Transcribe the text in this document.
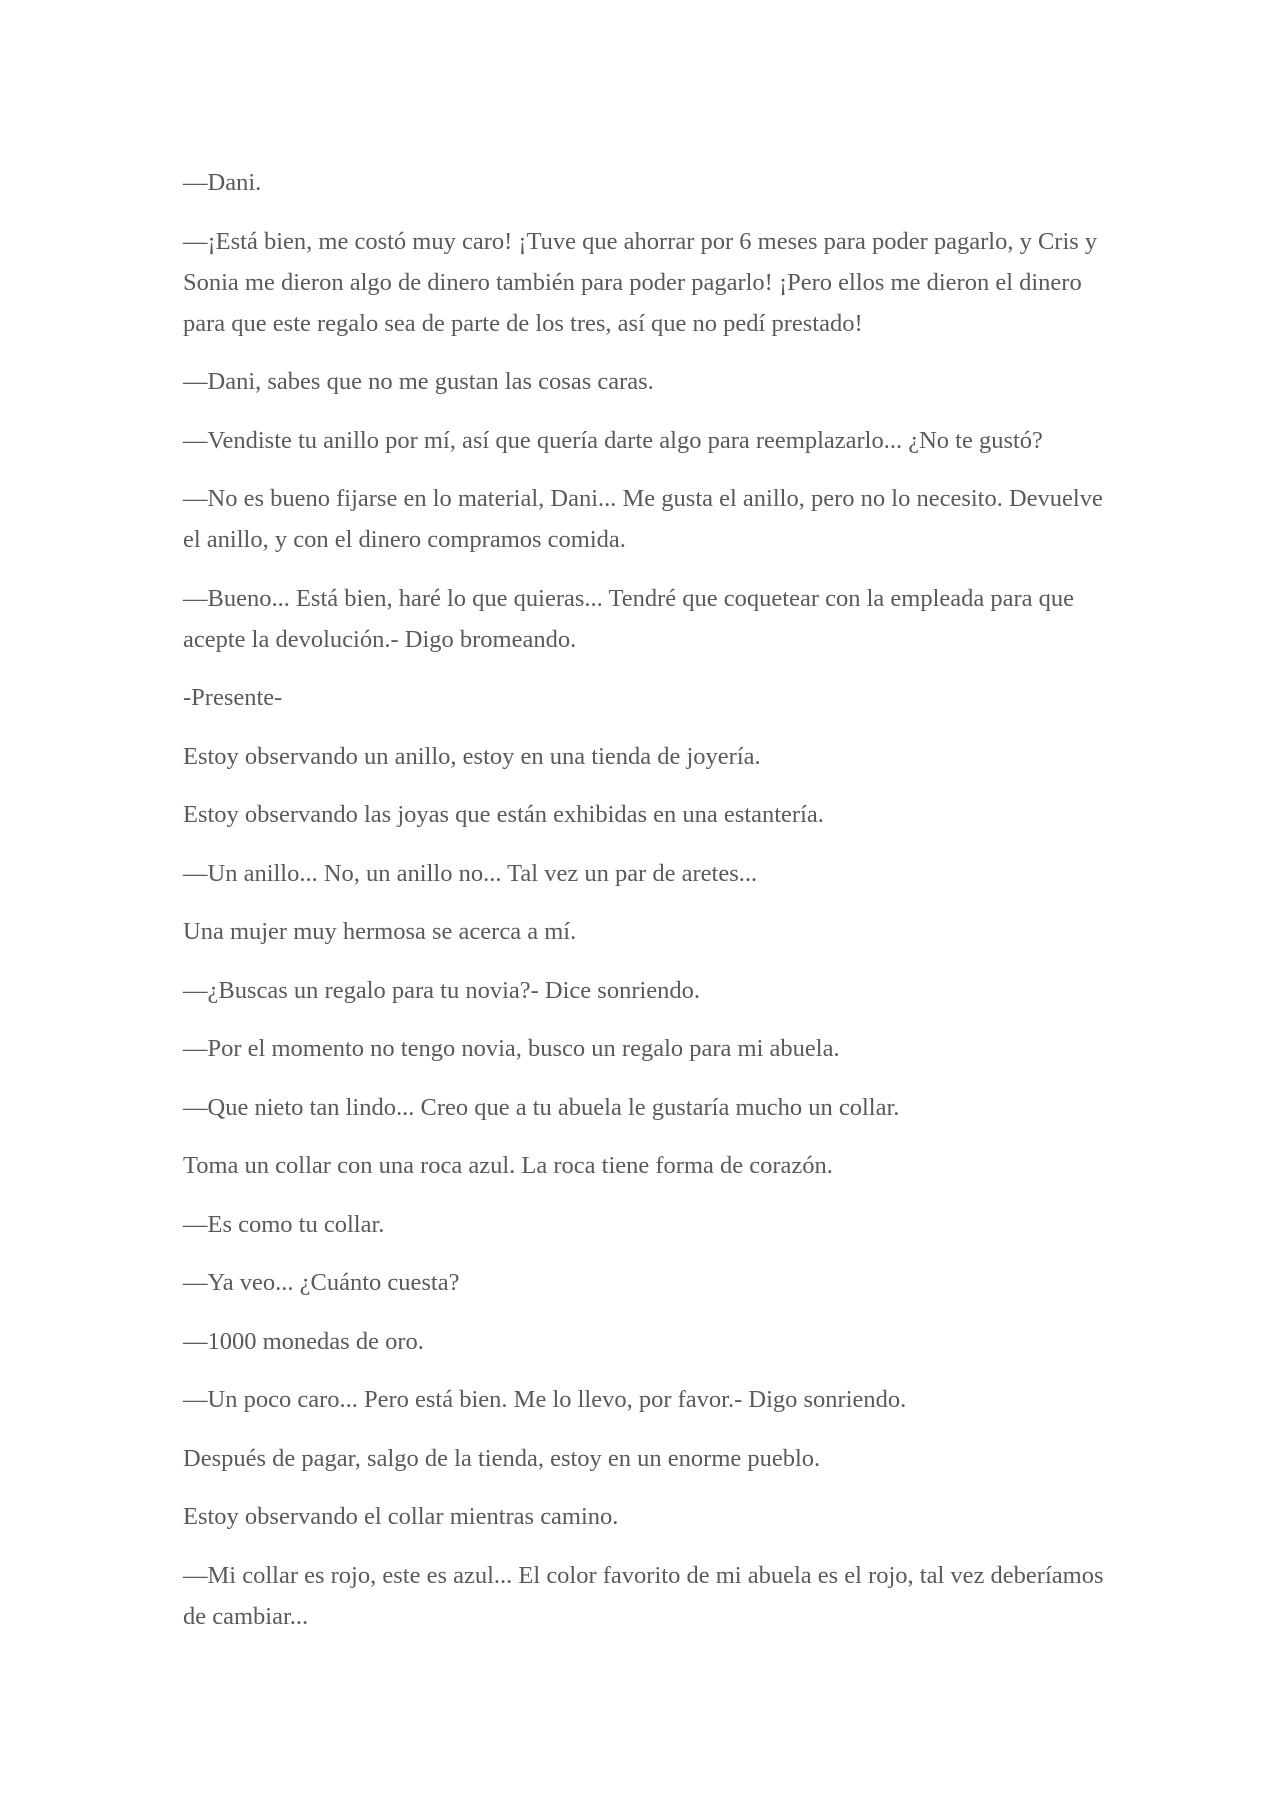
—Dani.

—¡Está bien, me costó muy caro! ¡Tuve que ahorrar por 6 meses para poder pagarlo, y Cris y Sonia me dieron algo de dinero también para poder pagarlo! ¡Pero ellos me dieron el dinero para que este regalo sea de parte de los tres, así que no pedí prestado!

—Dani, sabes que no me gustan las cosas caras.

—Vendiste tu anillo por mí, así que quería darte algo para reemplazarlo... ¿No te gustó?

—No es bueno fijarse en lo material, Dani... Me gusta el anillo, pero no lo necesito. Devuelve el anillo, y con el dinero compramos comida.

—Bueno... Está bien, haré lo que quieras... Tendré que coquetear con la empleada para que acepte la devolución.- Digo bromeando.

-Presente-

Estoy observando un anillo, estoy en una tienda de joyería.

Estoy observando las joyas que están exhibidas en una estantería.

—Un anillo... No, un anillo no... Tal vez un par de aretes...

Una mujer muy hermosa se acerca a mí.

—¿Buscas un regalo para tu novia?- Dice sonriendo.

—Por el momento no tengo novia, busco un regalo para mi abuela.

—Que nieto tan lindo... Creo que a tu abuela le gustaría mucho un collar.

Toma un collar con una roca azul. La roca tiene forma de corazón.

—Es como tu collar.

—Ya veo... ¿Cuánto cuesta?

—1000 monedas de oro.

—Un poco caro... Pero está bien. Me lo llevo, por favor.- Digo sonriendo.

Después de pagar, salgo de la tienda, estoy en un enorme pueblo.

Estoy observando el collar mientras camino.

—Mi collar es rojo, este es azul... El color favorito de mi abuela es el rojo, tal vez deberíamos de cambiar...
